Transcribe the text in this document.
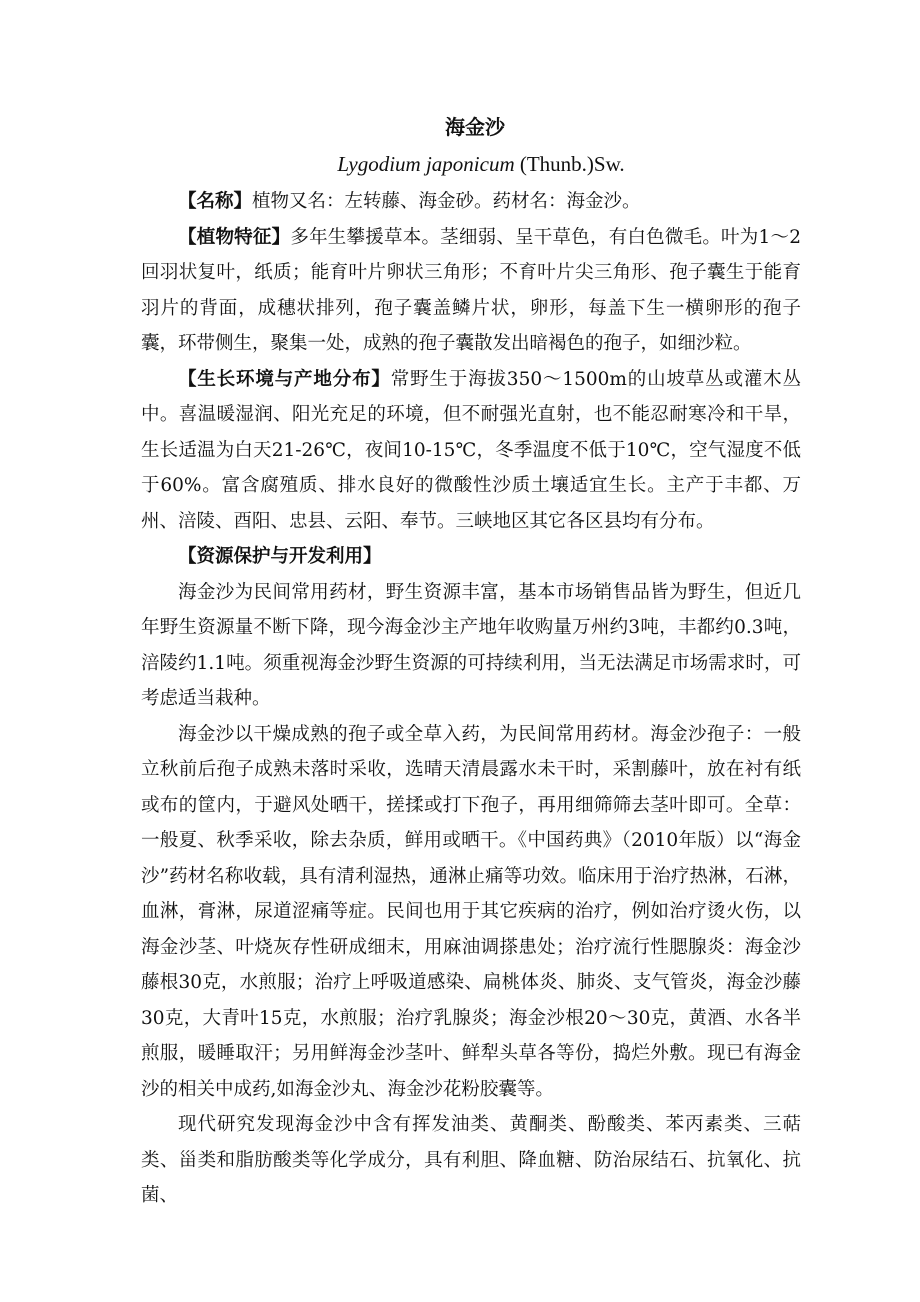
海金沙
Lygodium japonicum (Thunb.)Sw.

【名称】植物又名：左转藤、海金砂。药材名：海金沙。

【植物特征】多年生攀援草本。茎细弱、呈干草色，有白色微毛。叶为1～2回羽状复叶，纸质；能育叶片卵状三角形；不育叶片尖三角形、孢子囊生于能育羽片的背面，成穗状排列，孢子囊盖鳞片状，卵形，每盖下生一横卵形的孢子囊，环带侧生，聚集一处，成熟的孢子囊散发出暗褐色的孢子，如细沙粒。

【生长环境与产地分布】常野生于海拔350～1500m的山坡草丛或灌木丛中。喜温暖湿润、阳光充足的环境，但不耐强光直射，也不能忍耐寒冷和干旱，生长适温为白天21-26℃，夜间10-15℃，冬季温度不低于10℃，空气湿度不低于60%。富含腐殖质、排水良好的微酸性沙质土壤适宜生长。主产于丰都、万州、涪陵、酉阳、忠县、云阳、奉节。三峡地区其它各区县均有分布。

【资源保护与开发利用】

海金沙为民间常用药材，野生资源丰富，基本市场销售品皆为野生，但近几年野生资源量不断下降，现今海金沙主产地年收购量万州约3吨，丰都约0.3吨，涪陵约1.1吨。须重视海金沙野生资源的可持续利用，当无法满足市场需求时，可考虑适当栽种。

海金沙以干燥成熟的孢子或全草入药，为民间常用药材。海金沙孢子：一般立秋前后孢子成熟未落时采收，选晴天清晨露水未干时，采割藤叶，放在衬有纸或布的筐内，于避风处晒干，搓揉或打下孢子，再用细筛筛去茎叶即可。全草：一般夏、秋季采收，除去杂质，鲜用或晒干。《中国药典》（2010年版）以“海金沙”药材名称收载，具有清利湿热，通淋止痛等功效。临床用于治疗热淋，石淋，血淋，膏淋，尿道涩痛等症。民间也用于其它疾病的治疗，例如治疗烫火伤，以海金沙茎、叶烧灰存性研成细末，用麻油调搽患处；治疗流行性腮腺炎：海金沙藤根30克，水煎服；治疗上呼吸道感染、扁桃体炎、肺炎、支气管炎，海金沙藤30克，大青叶15克，水煎服；治疗乳腺炎；海金沙根20～30克，黄酒、水各半煎服，暖睡取汗；另用鲜海金沙茎叶、鲜犁头草各等份，捣烂外敷。现已有海金沙的相关中成药,如海金沙丸、海金沙花粉胶囊等。

现代研究发现海金沙中含有挥发油类、黄酮类、酚酸类、苯丙素类、三萜类、甾类和脂肪酸类等化学成分，具有利胆、降血糖、防治尿结石、抗氧化、抗菌、
